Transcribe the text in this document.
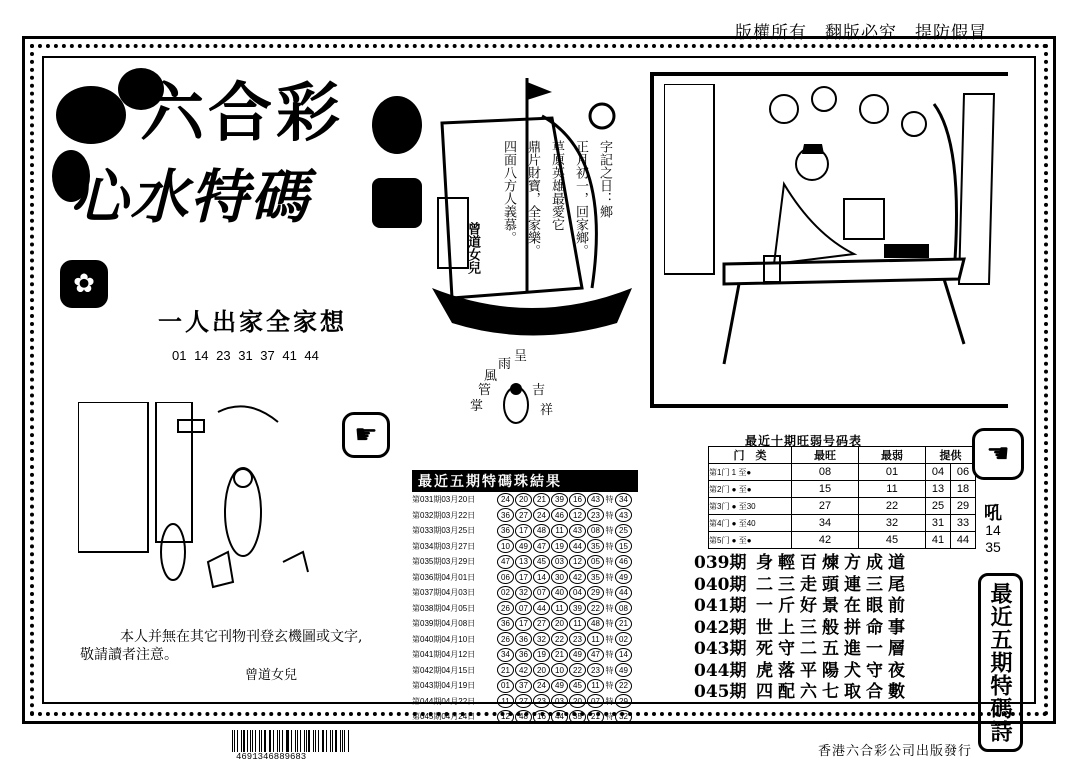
版權所有　翻版必究　提防假冒
六合彩
心水特碼
✿
一人出家全家想
01 14 23 31 37 41 44
字記之日：鄉
正月初一，回家鄉。
草原英雄最愛它
鼎片財寶，全家樂。
四面八方人義慕。
曾道女兒
呈
雨
風
吉
管
掌	祥
☛
最近五期特碼珠結果
第031期03月20日	24	20	21	39	16	43 特 34
第032期03月22日	36	27	24	46	12	23 特 43
第033期03月25日	36	17	48	11	43	08 特 25
第034期03月27日	10	49	47	19	44	35 特 15
第035期03月29日	47	13	45	03	12	05 特 46
第036期04月01日	06	17	14	30	42	35 特 49
第037期04月03日	02	32	07	40	04	29 特 44
第038期04月05日	26	07	44	11	39	22 特 08
第039期04月08日	36	17	27	20	11	48 特 21
第040期04月10日	26	36	32	22	23	11 特 02
第041期04月12日	34	36	19	21	49	47 特 14
第042期04月15日	21	42	20	10	22	23 特 49
第043期04月19日	01	37	24	49	45	11 特 22
第044期04月22日	11	27	23	03	20	07 特 29
第045期04月24日	12	48	16	44	35	21 特 32
最近十期旺弱号码表
门　类	最旺	最弱	提供	
第1门 1 至●	08	01	04	06
第2门 ● 至●	15	11	13	18
第3门 ● 至30	27	22	25	29
第4门 ● 至40	34	32	31	33
第5门 ● 至●	42	45	41	44
☚
吼
14
35
039期 身輕百煉方成道
040期 二三走頭連三尾
041期 一斤好景在眼前
042期 世上三般拼命事
043期 死守二五進一層
044期 虎落平陽犬守夜
045期 四配六七取合數	最近五期特碼詩
本人并無在其它刊物刊登玄機圖或文字,
敬請讀者注意。
曾道女兒
4691346889683	香港六合彩公司出版發行
